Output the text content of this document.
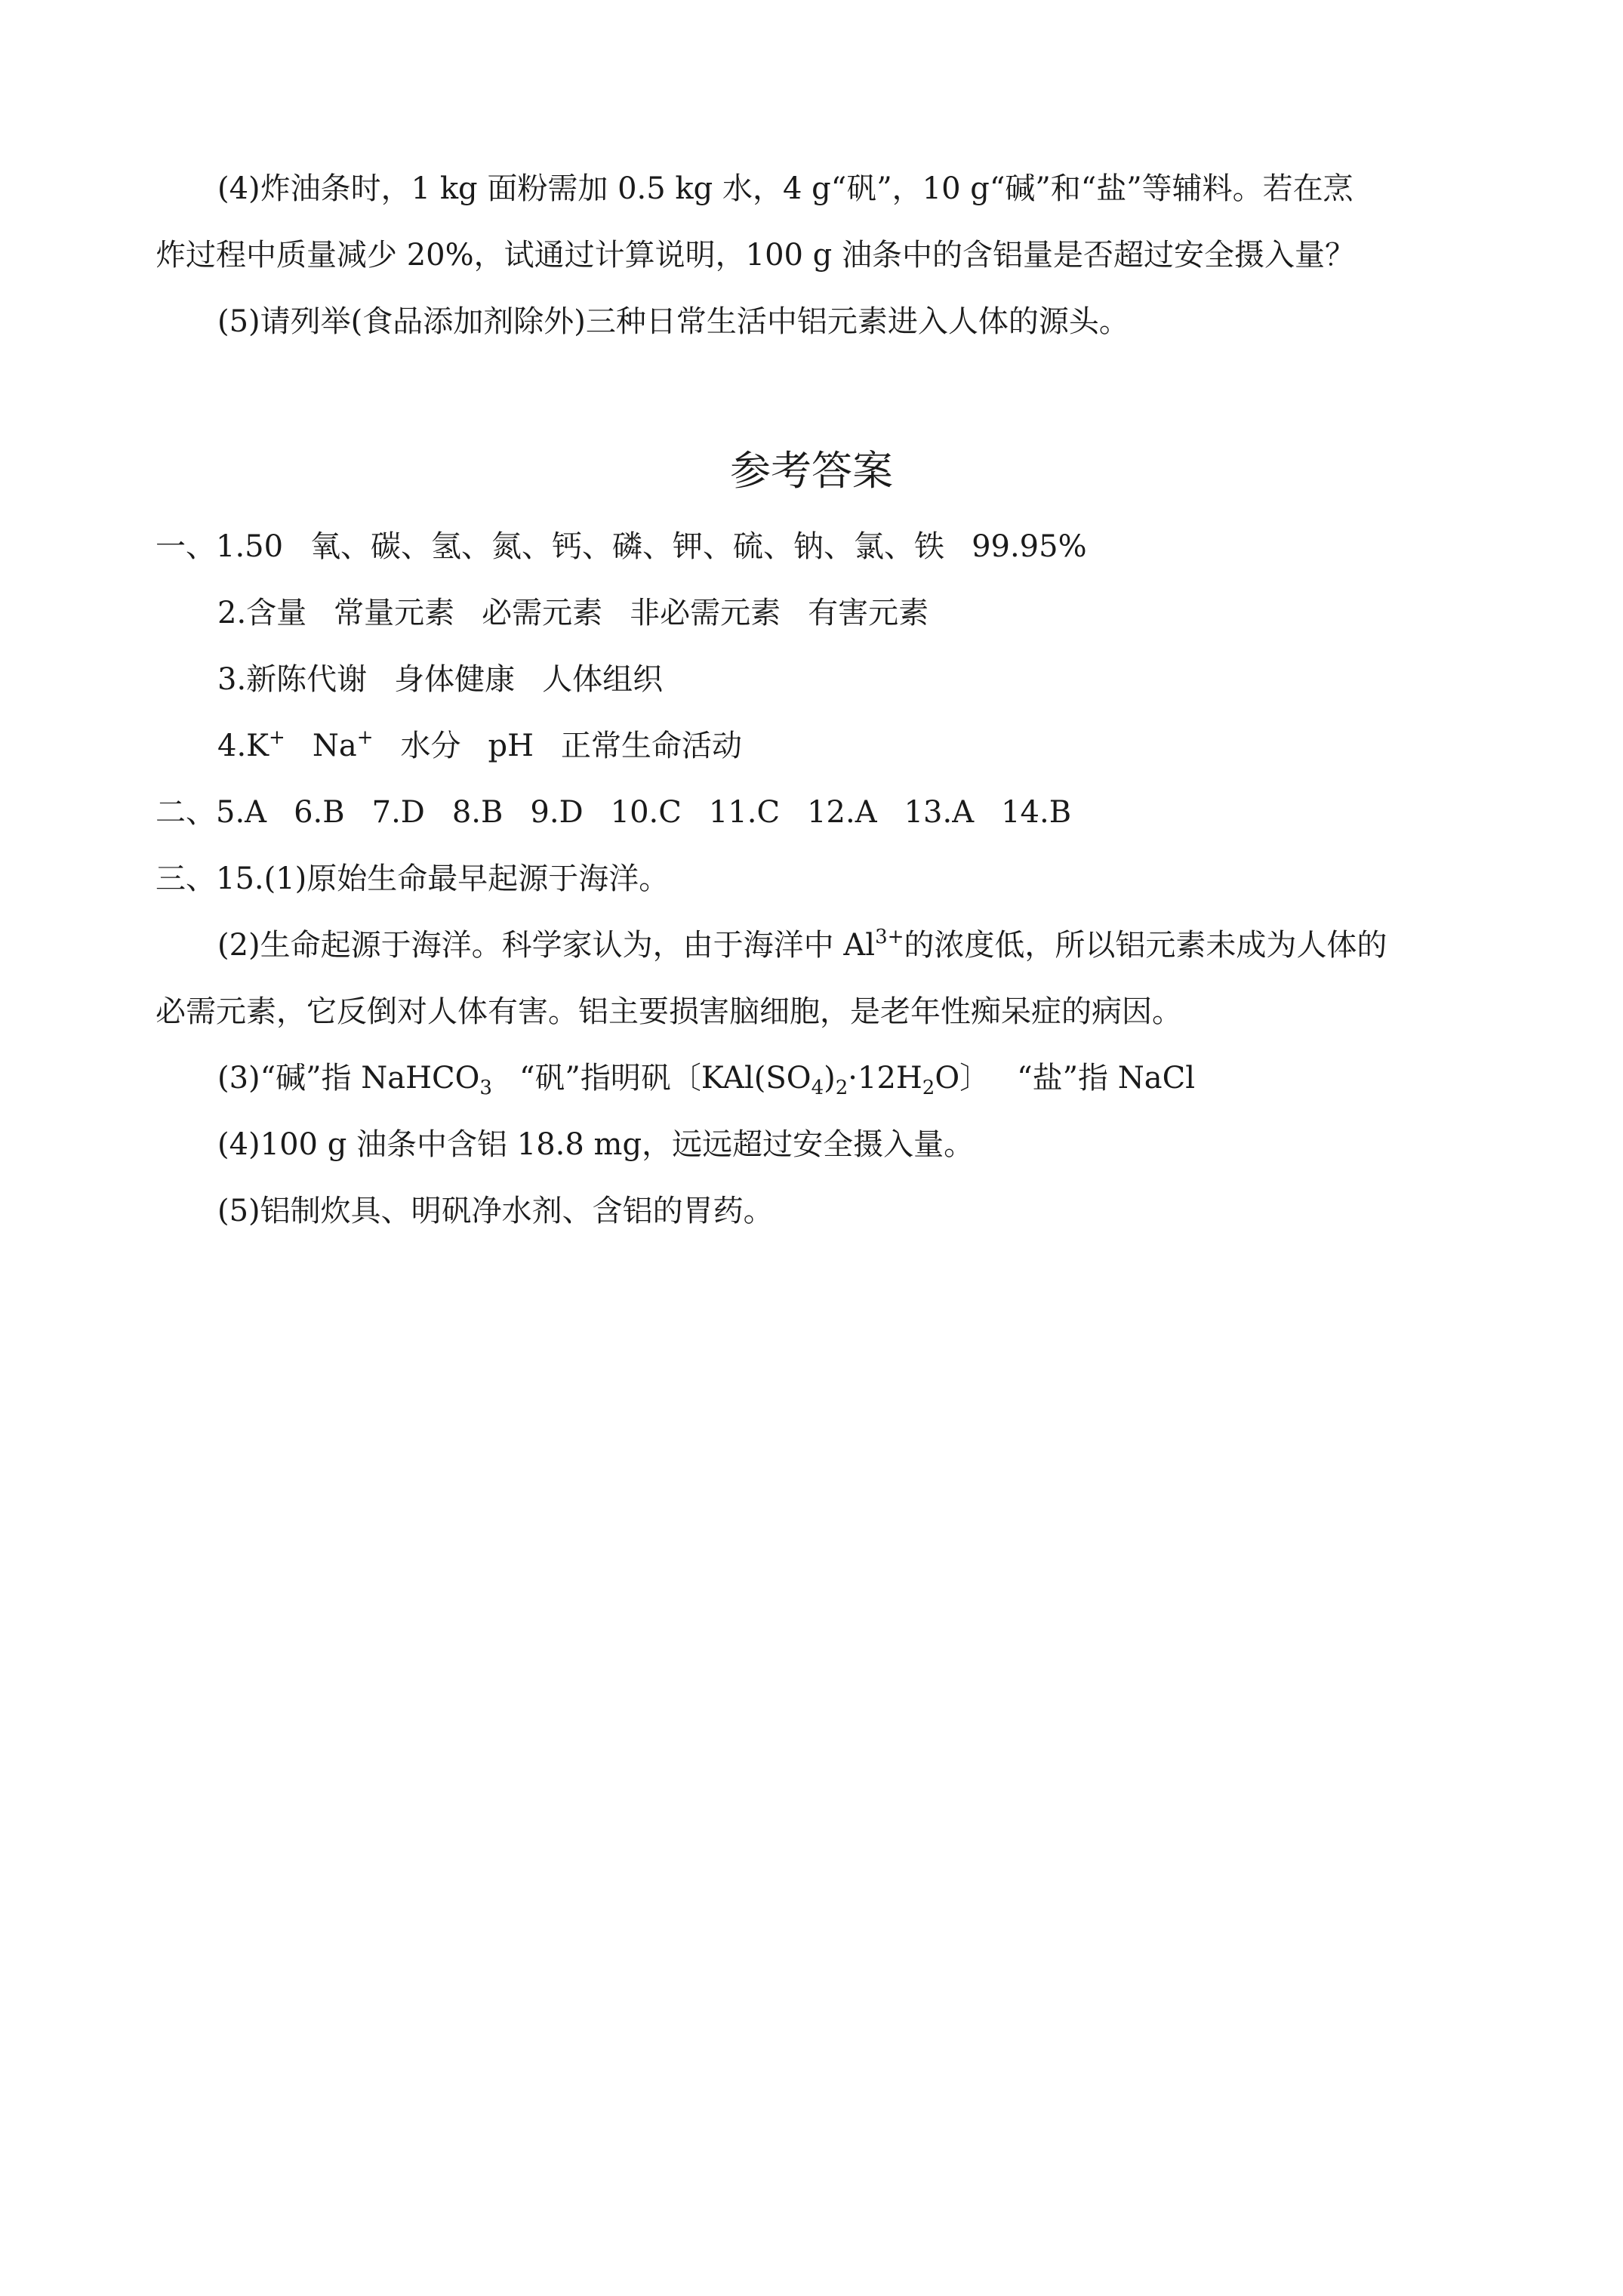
(4)炸油条时，1 kg 面粉需加 0.5 kg 水，4 g“矾”，10 g“碱”和“盐”等辅料。若在烹
炸过程中质量减少 20%，试通过计算说明，100 g 油条中的含铝量是否超过安全摄入量？
(5)请列举(食品添加剂除外)三种日常生活中铝元素进入人体的源头。
参考答案
一、1.50 氧、碳、氢、氮、钙、磷、钾、硫、钠、氯、铁 99.95%
2.含量 常量元素 必需元素 非必需元素 有害元素
3.新陈代谢 身体健康 人体组织
4.K+ Na+ 水分 pH 正常生命活动
二、5.A 6.B 7.D 8.B 9.D 10.C 11.C 12.A 13.A 14.B
三、15.(1)原始生命最早起源于海洋。
(2)生命起源于海洋。科学家认为，由于海洋中 $Al^{3+}$的浓度低，所以铝元素未成为人体的
必需元素，它反倒对人体有害。铝主要损害脑细胞，是老年性痴呆症的病因。
(3)“碱”指 NaHCO$_3$ “矾”指明矾〔$KAl(SO_4)_2\cdot 12H_2O$〕 “盐”指 NaCl
(4)100 g 油条中含铝 18.8 mg，远远超过安全摄入量。
(5)铝制炊具、明矾净水剂、含铝的胃药。
